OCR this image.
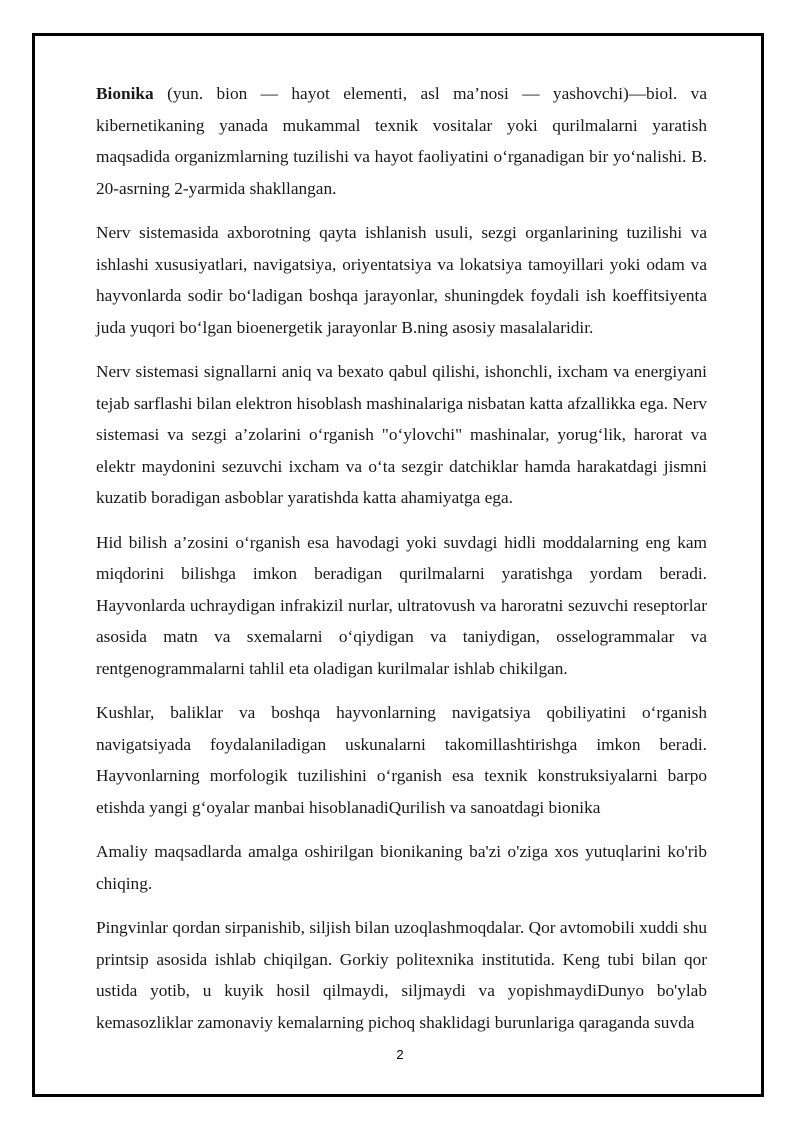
Bionika (yun. bion — hayot elementi, asl ma’nosi — yashovchi)—biol. va kibernetikaning yanada mukammal texnik vositalar yoki qurilmalarni yaratish maqsadida organizmlarning tuzilishi va hayot faoliyatini oʻrganadigan bir yoʻnalishi. B. 20-asrning 2-yarmida shakllangan.

Nerv sistemasida axborotning qayta ishlanish usuli, sezgi organlarining tuzilishi va ishlashi xususiyatlari, navigatsiya, oriyentatsiya va lokatsiya tamoyillari yoki odam va hayvonlarda sodir boʻladigan boshqa jarayonlar, shuningdek foydali ish koeffitsiyenta juda yuqori boʻlgan bioenergetik jarayonlar B.ning asosiy masalalaridir.

Nerv sistemasi signallarni aniq va bexato qabul qilishi, ishonchli, ixcham va energiyani tejab sarflashi bilan elektron hisoblash mashinalariga nisbatan katta afzallikka ega. Nerv sistemasi va sezgi a’zolarini oʻrganish "oʻylovchi" mashinalar, yorugʻlik, harorat va elektr maydonini sezuvchi ixcham va oʻta sezgir datchiklar hamda harakatdagi jismni kuzatib boradigan asboblar yaratishda katta ahamiyatga ega.

Hid bilish a’zosini oʻrganish esa havodagi yoki suvdagi hidli moddalarning eng kam miqdorini bilishga imkon beradigan qurilmalarni yaratishga yordam beradi. Hayvonlarda uchraydigan infrakizil nurlar, ultratovush va haroratni sezuvchi reseptorlar asosida matn va sxemalarni oʻqiydigan va taniydigan, osselogrammalar va rentgenogrammalarni tahlil eta oladigan kurilmalar ishlab chikilgan.

Kushlar, baliklar va boshqa hayvonlarning navigatsiya qobiliyatini oʻrganish navigatsiyada foydalaniladigan uskunalarni takomillashtirishga imkon beradi. Hayvonlarning morfologik tuzilishini oʻrganish esa texnik konstruksiyalarni barpo etishda yangi gʻoyalar manbai hisoblanadiQurilish va sanoatdagi bionika

Amaliy maqsadlarda amalga oshirilgan bionikaning ba'zi o'ziga xos yutuqlarini ko'rib chiqing.

Pingvinlar qordan sirpanishib, siljish bilan uzoqlashmoqdalar. Qor avtomobili xuddi shu printsip asosida ishlab chiqilgan. Gorkiy politexnika institutida. Keng tubi bilan qor ustida yotib, u kuyik hosil qilmaydi, siljmaydi va yopishmaydiDunyo bo'ylab kemasozliklar zamonaviy kemalarning pichoq shaklidagi burunlariga qaraganda suvda

2
